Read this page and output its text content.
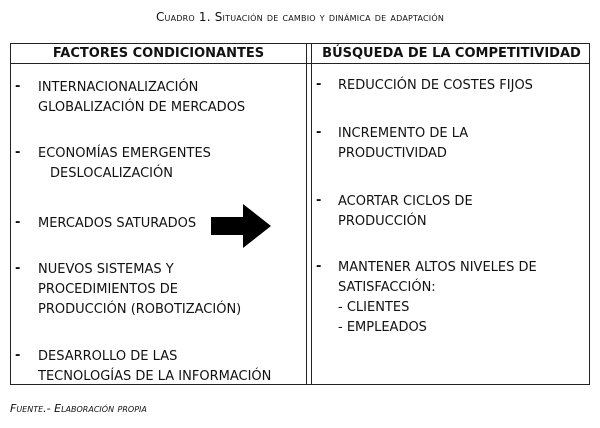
Cuadro 1. Situación de cambio y dinámica de adaptación
FACTORES CONDICIONANTES	BÚSQUEDA DE LA COMPETITIVIDAD
- INTERNACIONALIZACIÓN
GLOBALIZACIÓN DE MERCADOS
- ECONOMÍAS EMERGENTES
DESLOCALIZACIÓN
- MERCADOS SATURADOS
- NUEVOS SISTEMAS Y
PROCEDIMIENTOS DE
PRODUCCIÓN (ROBOTIZACIÓN)
- DESARROLLO DE LAS
TECNOLOGÍAS DE LA INFORMACIÓN
- REDUCCIÓN DE COSTES FIJOS
- INCREMENTO DE LA
PRODUCTIVIDAD
- ACORTAR CICLOS DE
PRODUCCIÓN
- MANTENER ALTOS NIVELES DE
SATISFACCIÓN:
- CLIENTES
- EMPLEADOS
Fuente.- Elaboración propia
